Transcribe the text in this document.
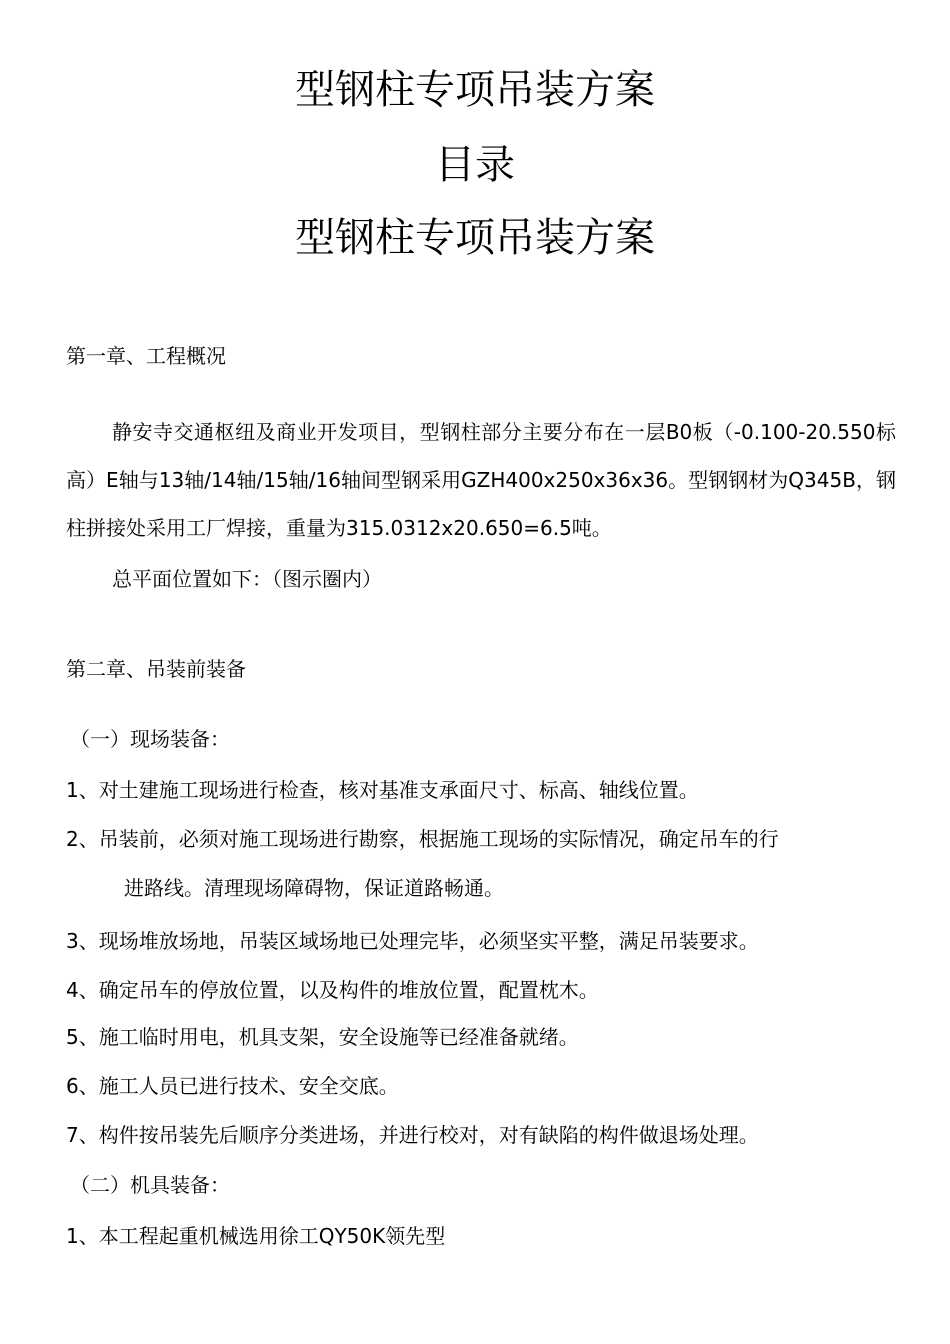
型钢柱专项吊装方案
目录
型钢柱专项吊装方案
第一章、工程概况
静安寺交通枢纽及商业开发项目，型钢柱部分主要分布在一层B0板（-0.100-20.550标高）E轴与13轴/14轴/15轴/16轴间型钢采用GZH400x250x36x36。型钢钢材为Q345B，钢柱拼接处采用工厂焊接，重量为315.0312x20.650=6.5吨。
总平面位置如下：（图示圈内）
第二章、吊装前装备
（一）现场装备：
1、对土建施工现场进行检查，核对基准支承面尺寸、标高、轴线位置。
2、吊装前，必须对施工现场进行勘察，根据施工现场的实际情况，确定吊车的行
进路线。清理现场障碍物，保证道路畅通。
3、现场堆放场地，吊装区域场地已处理完毕，必须坚实平整，满足吊装要求。
4、确定吊车的停放位置，以及构件的堆放位置，配置枕木。
5、施工临时用电，机具支架，安全设施等已经准备就绪。
6、施工人员已进行技术、安全交底。
7、构件按吊装先后顺序分类进场，并进行校对，对有缺陷的构件做退场处理。
（二）机具装备：
1、本工程起重机械选用徐工QY50K领先型
